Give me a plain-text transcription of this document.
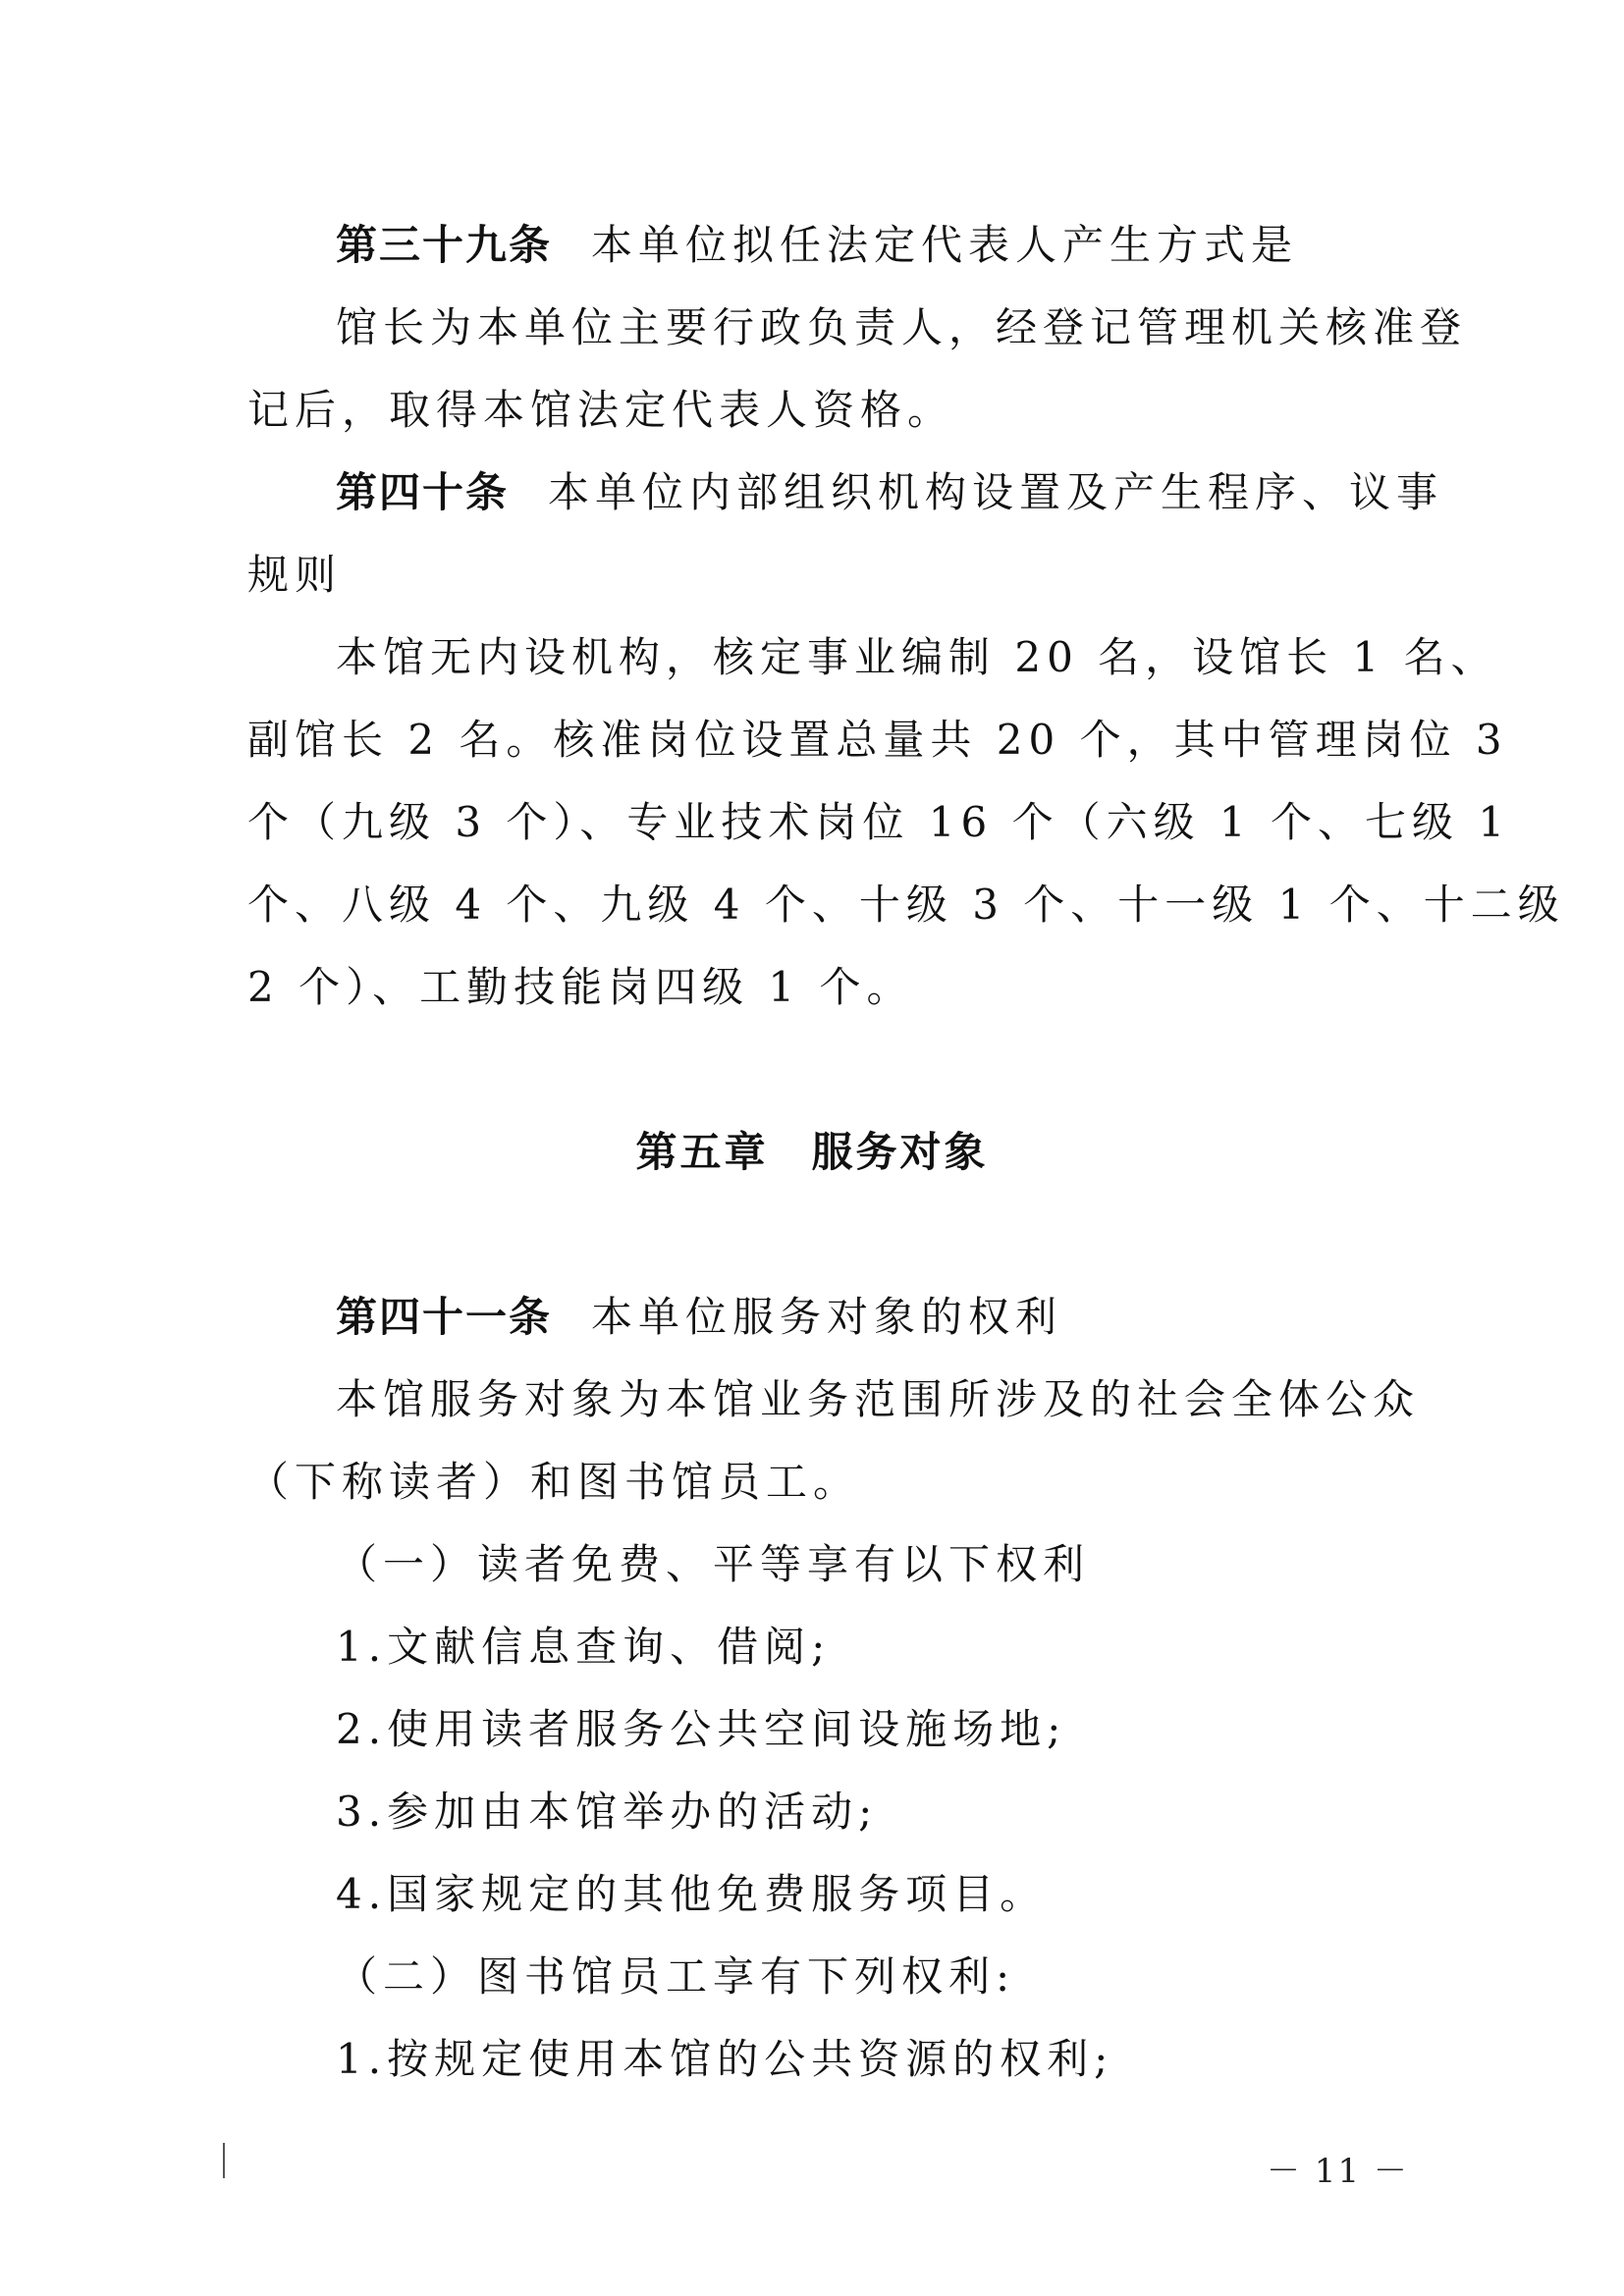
第三十九条 本单位拟任法定代表人产生方式是
馆长为本单位主要行政负责人，经登记管理机关核准登
记后，取得本馆法定代表人资格。
第四十条 本单位内部组织机构设置及产生程序、议事
规则
本馆无内设机构，核定事业编制 20 名，设馆长 1 名、
副馆长 2 名。核准岗位设置总量共 20 个，其中管理岗位 3
个（九级 3 个）、专业技术岗位 16 个（六级 1 个、七级 1
个、八级 4 个、九级 4 个、十级 3 个、十一级 1 个、十二级
2 个）、工勤技能岗四级 1 个。
第五章 服务对象
第四十一条 本单位服务对象的权利
本馆服务对象为本馆业务范围所涉及的社会全体公众
（下称读者）和图书馆员工。
（一）读者免费、平等享有以下权利
1.文献信息查询、借阅;
2.使用读者服务公共空间设施场地;
3.参加由本馆举办的活动;
4.国家规定的其他免费服务项目。
（二）图书馆员工享有下列权利:
1.按规定使用本馆的公共资源的权利;
－ 11 －
